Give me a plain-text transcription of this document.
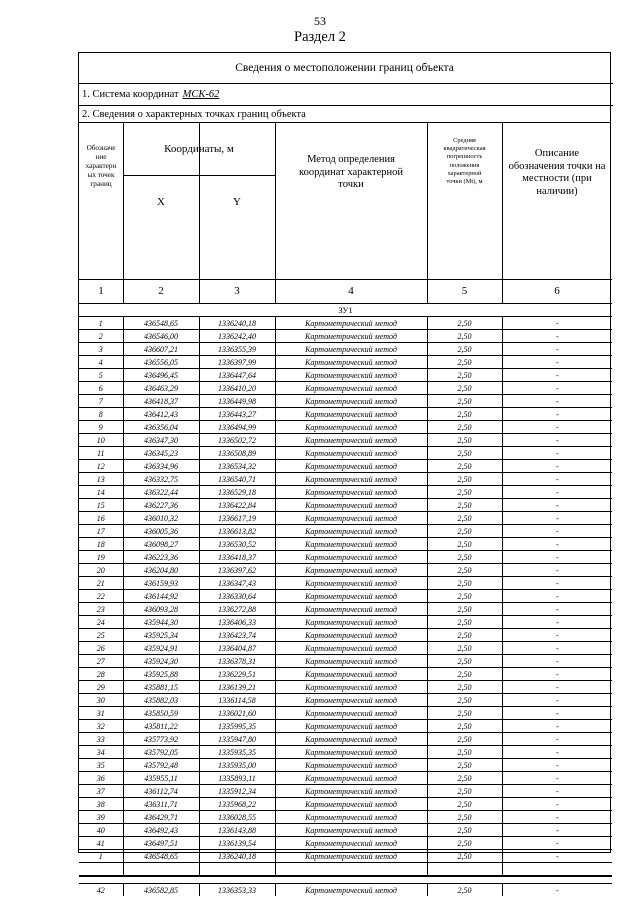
53
Раздел 2
Сведения о местоположении границ объекта
1. Система координат МСК-62
2. Сведения о характерных точках границ объекта
Обозначе
ние
характерн
ых точек
границ
Координаты, м
X	Y
Метод определения координат характерной точки
Средняя
квадратическая
погрешность
положения
характерной
точки (Мt), м
Описание обозначения точки на местности (при наличии)
1	2	3	4	5	6
ЗУ1					
1	436548,65	1336240,18	Картометрический метод	2,50	-
2	436546,00	1336242,40	Картометрический метод	2,50	-
3	436607,21	1336355,39	Картометрический метод	2,50	-
4	436556,05	1336397,99	Картометрический метод	2,50	-
5	436496,45	1336447,64	Картометрический метод	2,50	-
6	436463,29	1336410,20	Картометрический метод	2,50	-
7	436418,37	1336449,98	Картометрический метод	2,50	-
8	436412,43	1336443,27	Картометрический метод	2,50	-
9	436356,04	1336494,99	Картометрический метод	2,50	-
10	436347,30	1336502,72	Картометрический метод	2,50	-
11	436345,23	1336508,89	Картометрический метод	2,50	-
12	436334,96	1336534,32	Картометрический метод	2,50	-
13	436332,75	1336540,71	Картометрический метод	2,50	-
14	436322,44	1336529,18	Картометрический метод	2,50	-
15	436227,36	1336422,84	Картометрический метод	2,50	-
16	436010,32	1336617,19	Картометрический метод	2,50	-
17	436005,36	1336613,82	Картометрический метод	2,50	-
18	436098,27	1336530,52	Картометрический метод	2,50	-
19	436223,36	1336418,37	Картометрический метод	2,50	-
20	436204,80	1336397,62	Картометрический метод	2,50	-
21	436159,93	1336347,43	Картометрический метод	2,50	-
22	436144,92	1336330,64	Картометрический метод	2,50	-
23	436093,28	1336272,88	Картометрический метод	2,50	-
24	435944,30	1336406,33	Картометрический метод	2,50	-
25	435925,34	1336423,74	Картометрический метод	2,50	-
26	435924,91	1336404,87	Картометрический метод	2,50	-
27	435924,30	1336378,31	Картометрический метод	2,50	-
28	435925,88	1336229,51	Картометрический метод	2,50	-
29	435881,15	1336139,21	Картометрический метод	2,50	-
30	435882,03	1336114,58	Картометрический метод	2,50	-
31	435850,59	1336021,60	Картометрический метод	2,50	-
32	435811,22	1335995,35	Картометрический метод	2,50	-
33	435773,92	1335947,80	Картометрический метод	2,50	-
34	435792,05	1335935,35	Картометрический метод	2,50	-
35	435792,48	1335935,00	Картометрический метод	2,50	-
36	435955,11	1335893,11	Картометрический метод	2,50	-
37	436112,74	1335912,34	Картометрический метод	2,50	-
38	436311,71	1335968,22	Картометрический метод	2,50	-
39	436429,71	1336028,55	Картометрический метод	2,50	-
40	436492,43	1336143,88	Картометрический метод	2,50	-
41	436497,51	1336139,54	Картометрический метод	2,50	-
1	436548,65	1336240,18	Картометрический метод	2,50	-

42	436582,85	1336353,33	Картометрический метод	2,50	-
